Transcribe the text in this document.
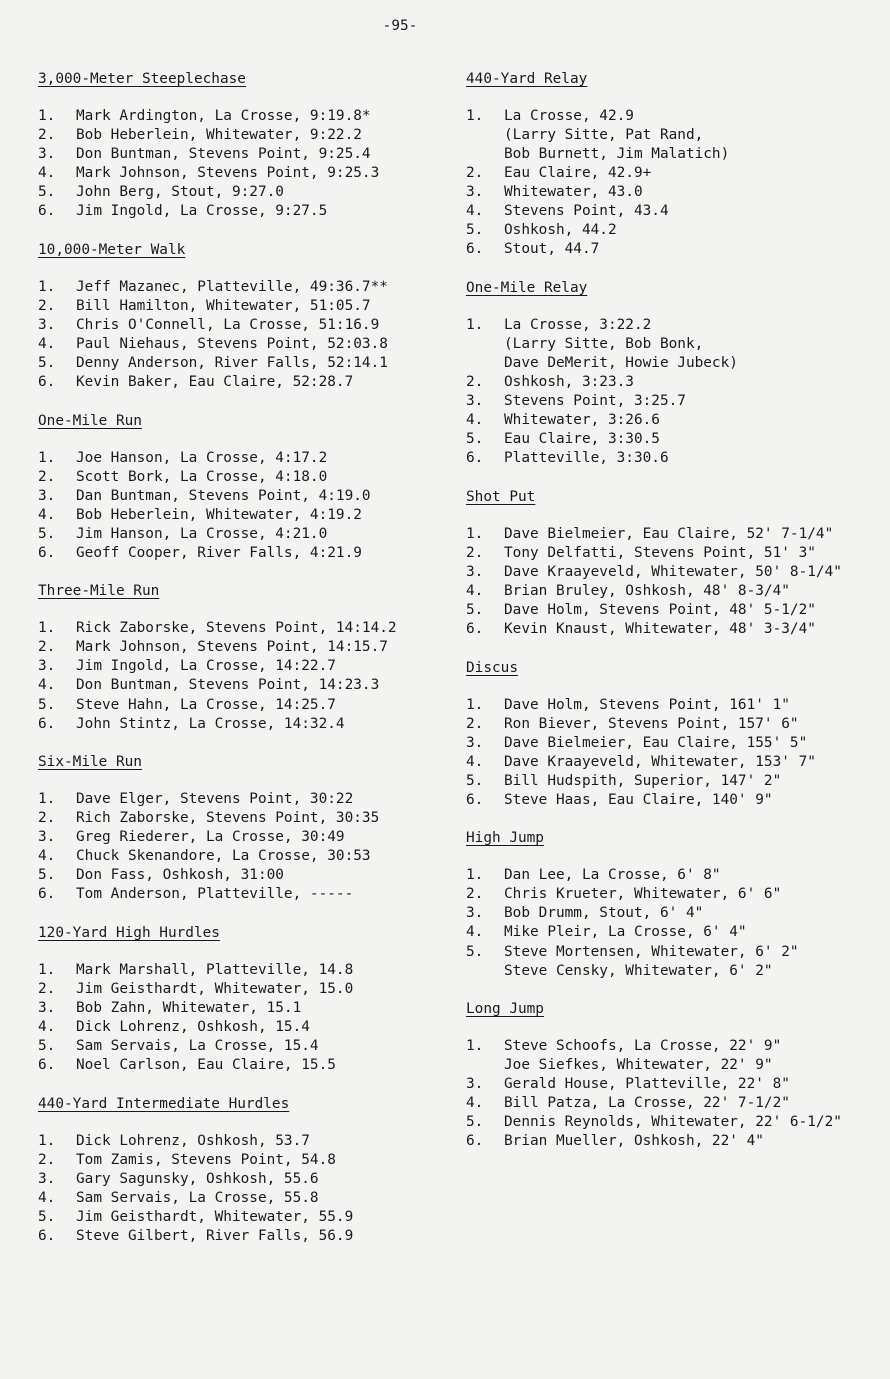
-95-
3,000-Meter Steeplechase
1.	Mark Ardington, La Crosse, 9:19.8*
2.	Bob Heberlein, Whitewater, 9:22.2
3.	Don Buntman, Stevens Point, 9:25.4
4.	Mark Johnson, Stevens Point, 9:25.3
5.	John Berg, Stout, 9:27.0
6.	Jim Ingold, La Crosse, 9:27.5
10,000-Meter Walk
1.	Jeff Mazanec, Platteville, 49:36.7**
2.	Bill Hamilton, Whitewater, 51:05.7
3.	Chris O'Connell, La Crosse, 51:16.9
4.	Paul Niehaus, Stevens Point, 52:03.8
5.	Denny Anderson, River Falls, 52:14.1
6.	Kevin Baker, Eau Claire, 52:28.7
One-Mile Run
1.	Joe Hanson, La Crosse, 4:17.2
2.	Scott Bork, La Crosse, 4:18.0
3.	Dan Buntman, Stevens Point, 4:19.0
4.	Bob Heberlein, Whitewater, 4:19.2
5.	Jim Hanson, La Crosse, 4:21.0
6.	Geoff Cooper, River Falls, 4:21.9
Three-Mile Run
1.	Rick Zaborske, Stevens Point, 14:14.2
2.	Mark Johnson, Stevens Point, 14:15.7
3.	Jim Ingold, La Crosse, 14:22.7
4.	Don Buntman, Stevens Point, 14:23.3
5.	Steve Hahn, La Crosse, 14:25.7
6.	John Stintz, La Crosse, 14:32.4
Six-Mile Run
1.	Dave Elger, Stevens Point, 30:22
2.	Rich Zaborske, Stevens Point, 30:35
3.	Greg Riederer, La Crosse, 30:49
4.	Chuck Skenandore, La Crosse, 30:53
5.	Don Fass, Oshkosh, 31:00
6.	Tom Anderson, Platteville, -----
120-Yard High Hurdles
1.	Mark Marshall, Platteville, 14.8
2.	Jim Geisthardt, Whitewater, 15.0
3.	Bob Zahn, Whitewater, 15.1
4.	Dick Lohrenz, Oshkosh, 15.4
5.	Sam Servais, La Crosse, 15.4
6.	Noel Carlson, Eau Claire, 15.5
440-Yard Intermediate Hurdles
1.	Dick Lohrenz, Oshkosh, 53.7
2.	Tom Zamis, Stevens Point, 54.8
3.	Gary Sagunsky, Oshkosh, 55.6
4.	Sam Servais, La Crosse, 55.8
5.	Jim Geisthardt, Whitewater, 55.9
6.	Steve Gilbert, River Falls, 56.9
440-Yard Relay
1.	La Crosse, 42.9
(Larry Sitte, Pat Rand,
Bob Burnett, Jim Malatich)
2.	Eau Claire, 42.9+
3.	Whitewater, 43.0
4.	Stevens Point, 43.4
5.	Oshkosh, 44.2
6.	Stout, 44.7
One-Mile Relay
1.	La Crosse, 3:22.2
(Larry Sitte, Bob Bonk,
Dave DeMerit, Howie Jubeck)
2.	Oshkosh, 3:23.3
3.	Stevens Point, 3:25.7
4.	Whitewater, 3:26.6
5.	Eau Claire, 3:30.5
6.	Platteville, 3:30.6
Shot Put
1.	Dave Bielmeier, Eau Claire, 52' 7-1/4"
2.	Tony Delfatti, Stevens Point, 51' 3"
3.	Dave Kraayeveld, Whitewater, 50' 8-1/4"
4.	Brian Bruley, Oshkosh, 48' 8-3/4"
5.	Dave Holm, Stevens Point, 48' 5-1/2"
6.	Kevin Knaust, Whitewater, 48' 3-3/4"
Discus
1.	Dave Holm, Stevens Point, 161' 1"
2.	Ron Biever, Stevens Point, 157' 6"
3.	Dave Bielmeier, Eau Claire, 155' 5"
4.	Dave Kraayeveld, Whitewater, 153' 7"
5.	Bill Hudspith, Superior, 147' 2"
6.	Steve Haas, Eau Claire, 140' 9"
High Jump
1.	Dan Lee, La Crosse, 6' 8"
2.	Chris Krueter, Whitewater, 6' 6"
3.	Bob Drumm, Stout, 6' 4"
4.	Mike Pleir, La Crosse, 6' 4"
5.	Steve Mortensen, Whitewater, 6' 2"
Steve Censky, Whitewater, 6' 2"
Long Jump
1.	Steve Schoofs, La Crosse, 22' 9"
Joe Siefkes, Whitewater, 22' 9"
3.	Gerald House, Platteville, 22' 8"
4.	Bill Patza, La Crosse, 22' 7-1/2"
5.	Dennis Reynolds, Whitewater, 22' 6-1/2"
6.	Brian Mueller, Oshkosh, 22' 4"
